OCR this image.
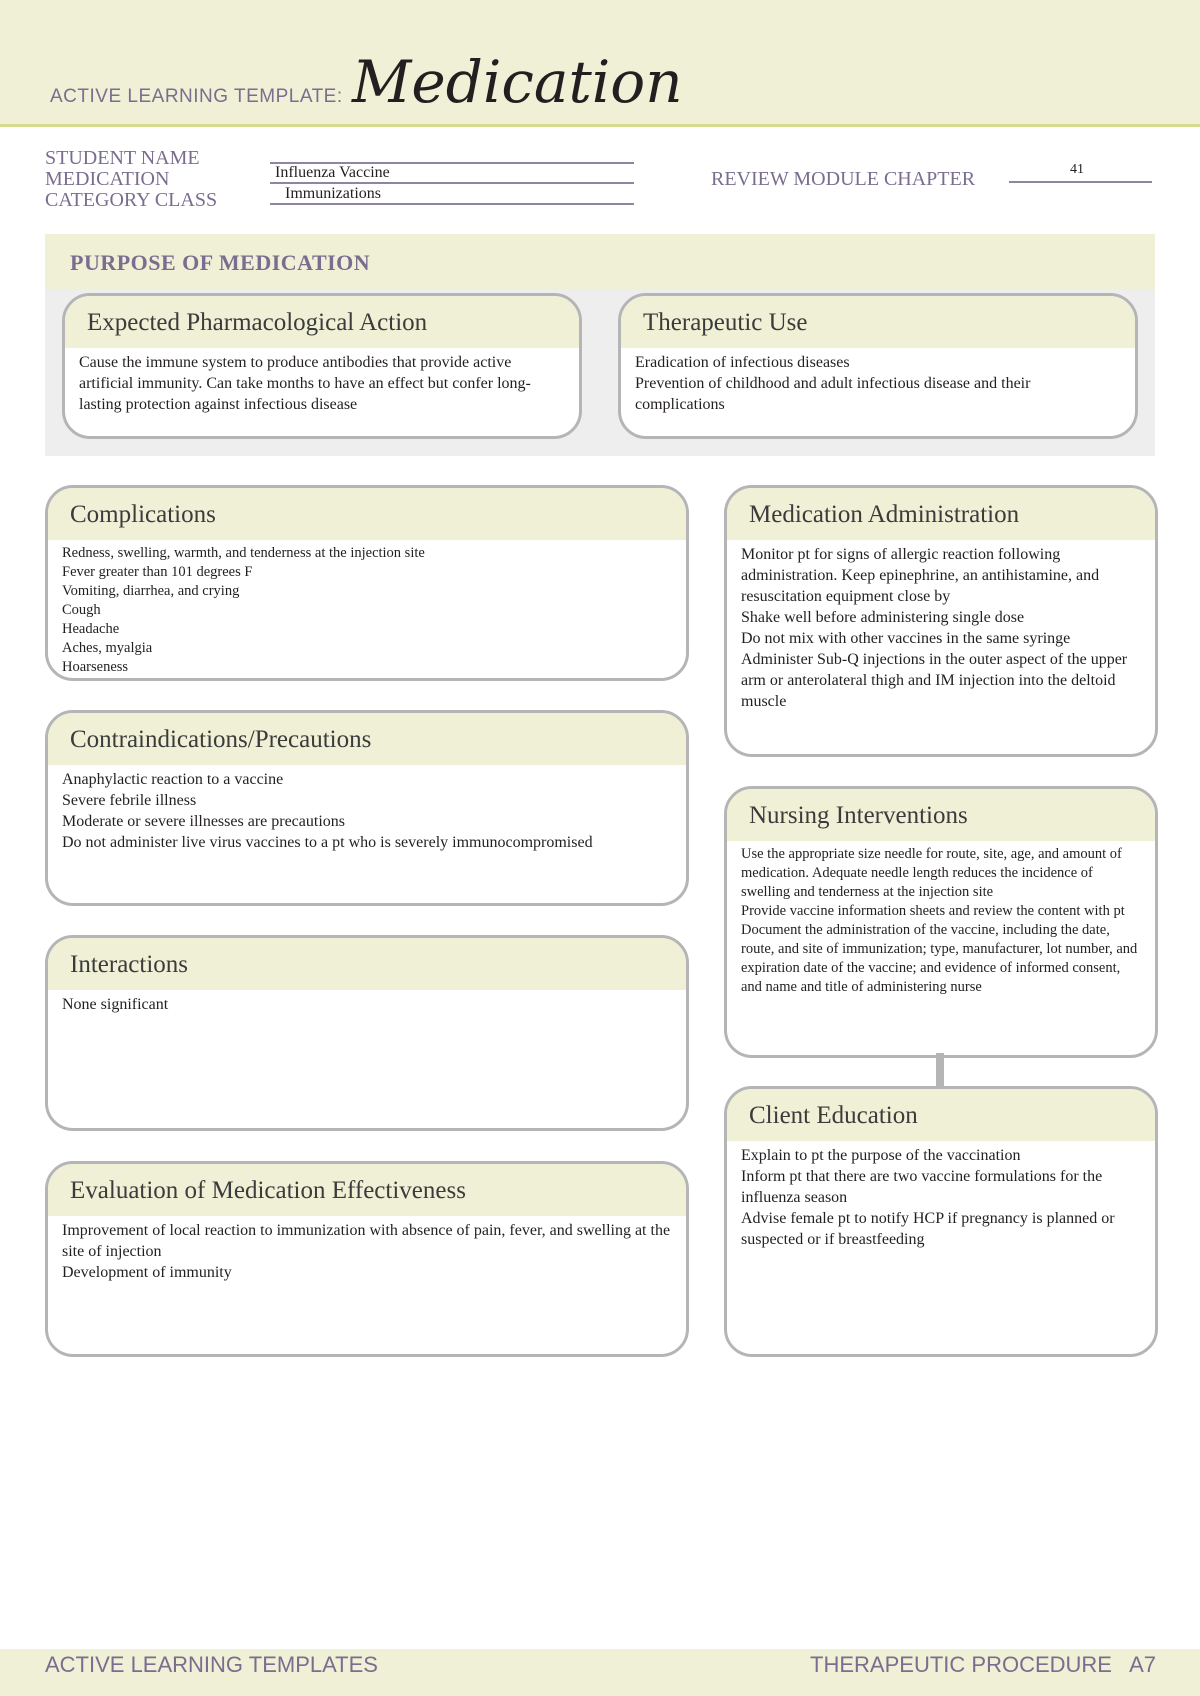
ACTIVE LEARNING TEMPLATE: Medication
STUDENT NAME
MEDICATION
CATEGORY CLASS
Influenza Vaccine
Immunizations
REVIEW MODULE CHAPTER	41
PURPOSE OF MEDICATION
Expected Pharmacological Action
Cause the immune system to produce antibodies that provide active artificial immunity. Can take months to have an effect but confer long-lasting protection against infectious disease
Therapeutic Use
Eradication of infectious diseases
Prevention of childhood and adult infectious disease and their complications
Complications
Redness, swelling, warmth, and tenderness at the injection site
Fever greater than 101 degrees F
Vomiting, diarrhea, and crying
Cough
Headache
Aches, myalgia
Hoarseness
Contraindications/Precautions
Anaphylactic reaction to a vaccine
Severe febrile illness
Moderate or severe illnesses are precautions
Do not administer live virus vaccines to a pt who is severely immunocompromised
Interactions
None significant
Evaluation of Medication Effectiveness
Improvement of local reaction to immunization with absence of pain, fever, and swelling at the site of injection
Development of immunity
Medication Administration
Monitor pt for signs of allergic reaction following administration. Keep epinephrine, an antihistamine, and resuscitation equipment close by
Shake well before administering single dose
Do not mix with other vaccines in the same syringe
Administer Sub-Q injections in the outer aspect of the upper arm or anterolateral thigh and IM injection into the deltoid muscle
Nursing Interventions
Use the appropriate size needle for route, site, age, and amount of medication. Adequate needle length reduces the incidence of swelling and tenderness at the injection site
Provide vaccine information sheets and review the content with pt
Document the administration of the vaccine, including the date, route, and site of immunization; type, manufacturer, lot number, and expiration date of the vaccine; and evidence of informed consent, and name and title of administering nurse
Client Education
Explain to pt the purpose of the vaccination
Inform pt that there are two vaccine formulations for the influenza season
Advise female pt to notify HCP if pregnancy is planned or suspected or if breastfeeding
ACTIVE LEARNING TEMPLATES	THERAPEUTIC PROCEDURE   A7
